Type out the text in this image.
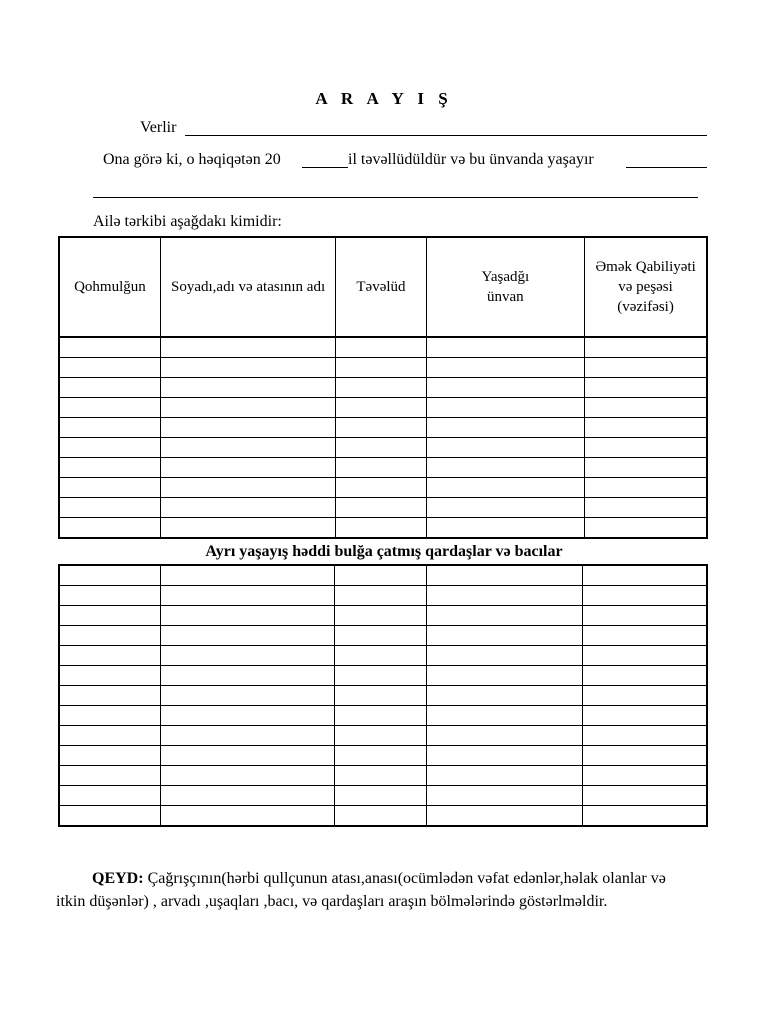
A R A Y I Ş
Verlir
Ona görə ki, o həqiqətən 20	il təvəllüdüldür və bu ünvanda yaşayır
Ailə tərkibi aşağdakı kimidir:
Qohmulğun	Soyadı,adı və atasının adı	Təvəlüd	Yaşadğı ünvan	Əmək Qabiliyəti və peşəsi (vəzifəsi)

Ayrı yaşayış həddi bulğa çatmış qardaşlar və bacılar

QEYD: Çağrışçının(hərbi qullçunun atası,anası(ocümlədən vəfat edənlər,həlak olanlar və itkin düşənlər) , arvadı ,uşaqları ,bacı, və qardaşları araşın bölmələrində göstərlməldir.
